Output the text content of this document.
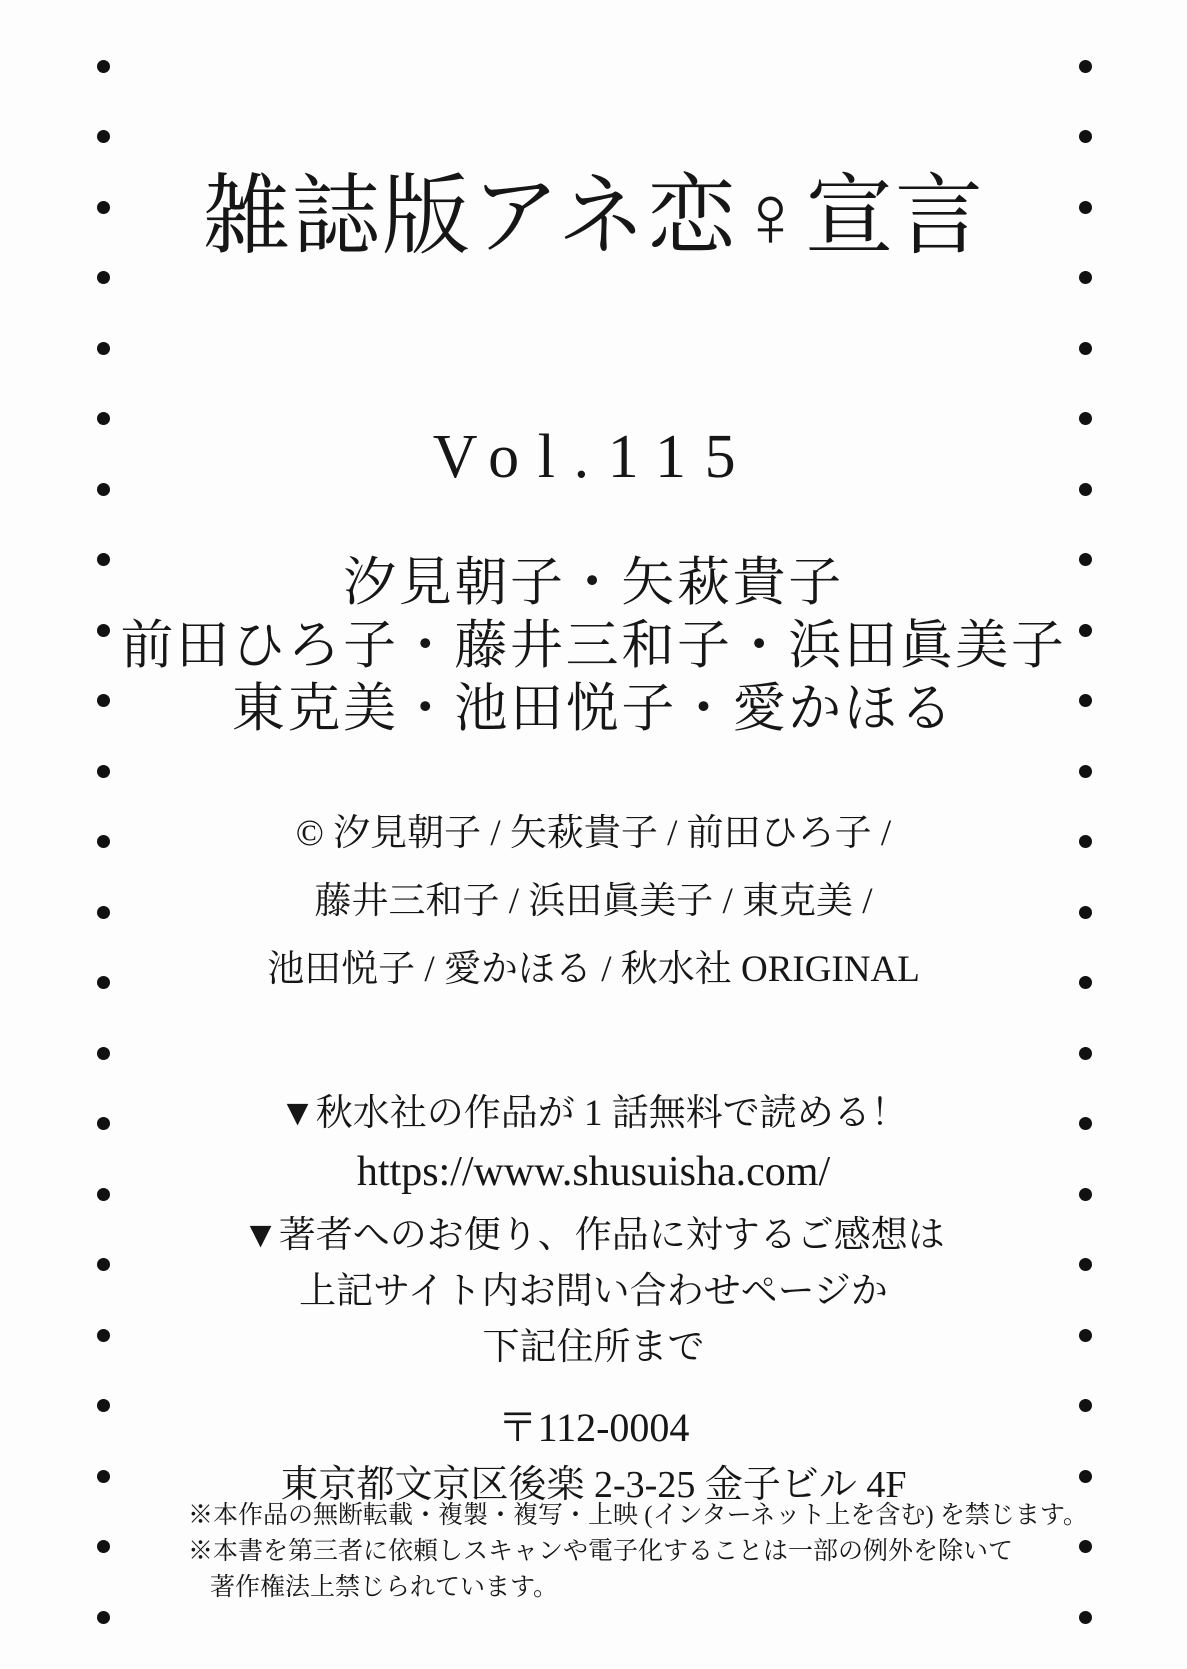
雑誌版アネ恋♀宣言
Vol.115
汐見朝子・矢萩貴子
前田ひろ子・藤井三和子・浜田眞美子
東克美・池田悦子・愛かほる
© 汐見朝子 / 矢萩貴子 / 前田ひろ子 /
藤井三和子 / 浜田眞美子 / 東克美 /
池田悦子 / 愛かほる / 秋水社 ORIGINAL
▼秋水社の作品が 1 話無料で読める！
https://www.shusuisha.com/
▼著者へのお便り、作品に対するご感想は
上記サイト内お問い合わせページか
下記住所まで
〒112-0004
東京都文京区後楽 2-3-25 金子ビル 4F
※本作品の無断転載・複製・複写・上映 (インターネット上を含む) を禁じます。
※本書を第三者に依頼しスキャンや電子化することは一部の例外を除いて
著作権法上禁じられています。
